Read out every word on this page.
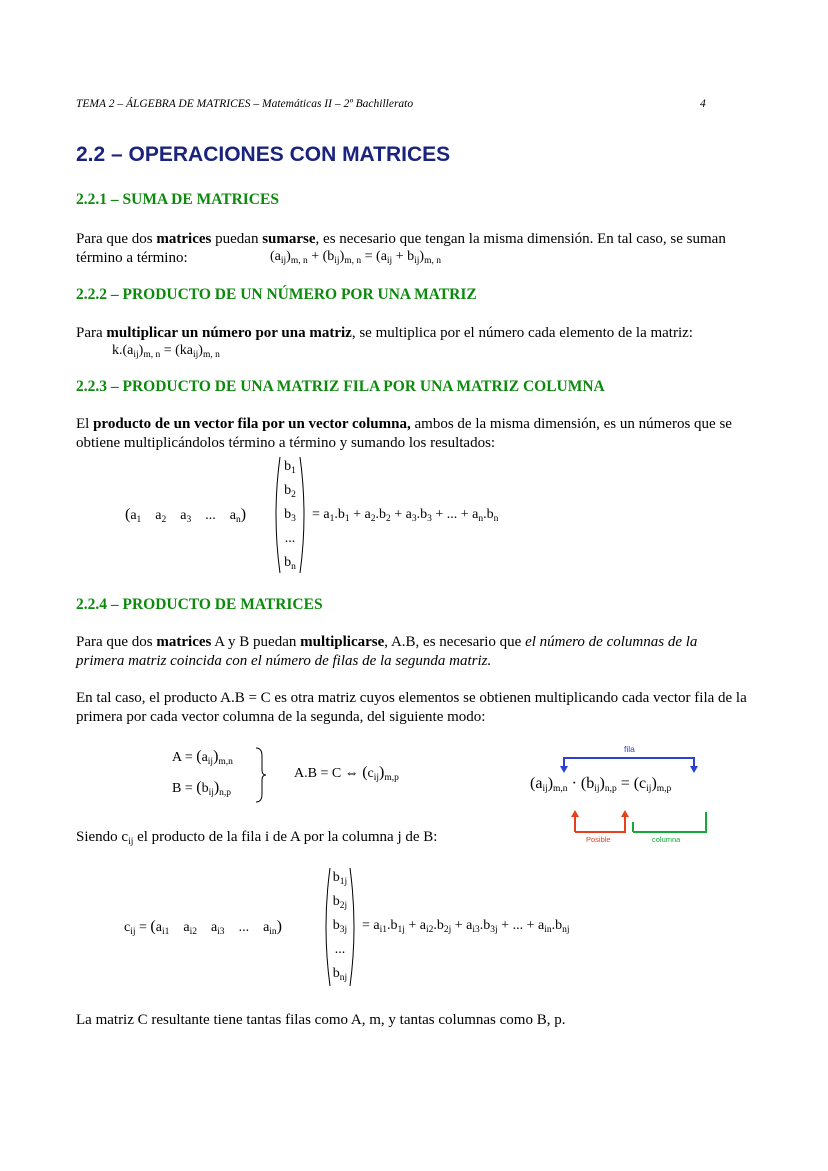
TEMA 2 – ÁLGEBRA DE MATRICES – Matemáticas II – 2º Bachillerato	4
2.2 – OPERACIONES CON MATRICES
2.2.1 – SUMA DE MATRICES
Para que dos matrices puedan sumarse, es necesario que tengan la misma dimensión. En tal caso, se suman término a término:	$(a_{ij})_{m, n} + (b_{ij})_{m, n} = (a_{ij} + b_{ij})_{m, n}$
2.2.2 – PRODUCTO DE UN NÚMERO POR UNA MATRIZ
Para multiplicar un número por una matriz, se multiplica por el número cada elemento de la matriz:
$k.(a_{ij})_{m, n} = (ka_{ij})_{m, n}$
2.2.3 – PRODUCTO DE UNA MATRIZ FILA POR UNA MATRIZ COLUMNA
El producto de un vector fila por un vector columna, ambos de la misma dimensión, es un números que se obtiene multiplicándolos término a término y sumando los resultados:
($a_1$    $a_2$    $a_3$    ...    $a_n$)
$b_1$
$b_2$
$b_3$
...
$b_n$
= $a_1.b_1 + a_2.b_2 + a_3.b_3$ + ... + $a_n.b_n$
2.2.4 – PRODUCTO DE MATRICES
Para que dos matrices A y B puedan multiplicarse, A.B, es necesario que el número de columnas de la primera matriz coincida con el número de filas de la segunda matriz.
En tal caso, el producto A.B = C es otra matriz cuyos elementos se obtienen multiplicando cada vector fila de la primera por cada vector columna de la segunda, del siguiente modo:
$A = (a_{ij})_{m,n}$
$B = (b_{ij})_{n,p}$
A.B = C ⇔ $(c_{ij})_{m,p}$
fila
Posible	columna
$(a_{ij})_{m,n} \cdot (b_{ij})_{n,p} = (c_{ij})_{m,p}$
Siendo $c_{ij}$ el producto de la fila i de A por la columna j de B:
$c_{ij} = (a_{i1}$    $a_{i2}$    $a_{i3}$    ...    $a_{in}$)
$b_{1j}$
$b_{2j}$
$b_{3j}$
...
$b_{nj}$
= $a_{i1}.b_{1j} + a_{i2}.b_{2j} + a_{i3}.b_{3j}$ + ... + $a_{in}.b_{nj}$
La matriz C resultante tiene tantas filas como A, m, y tantas columnas como B, p.
